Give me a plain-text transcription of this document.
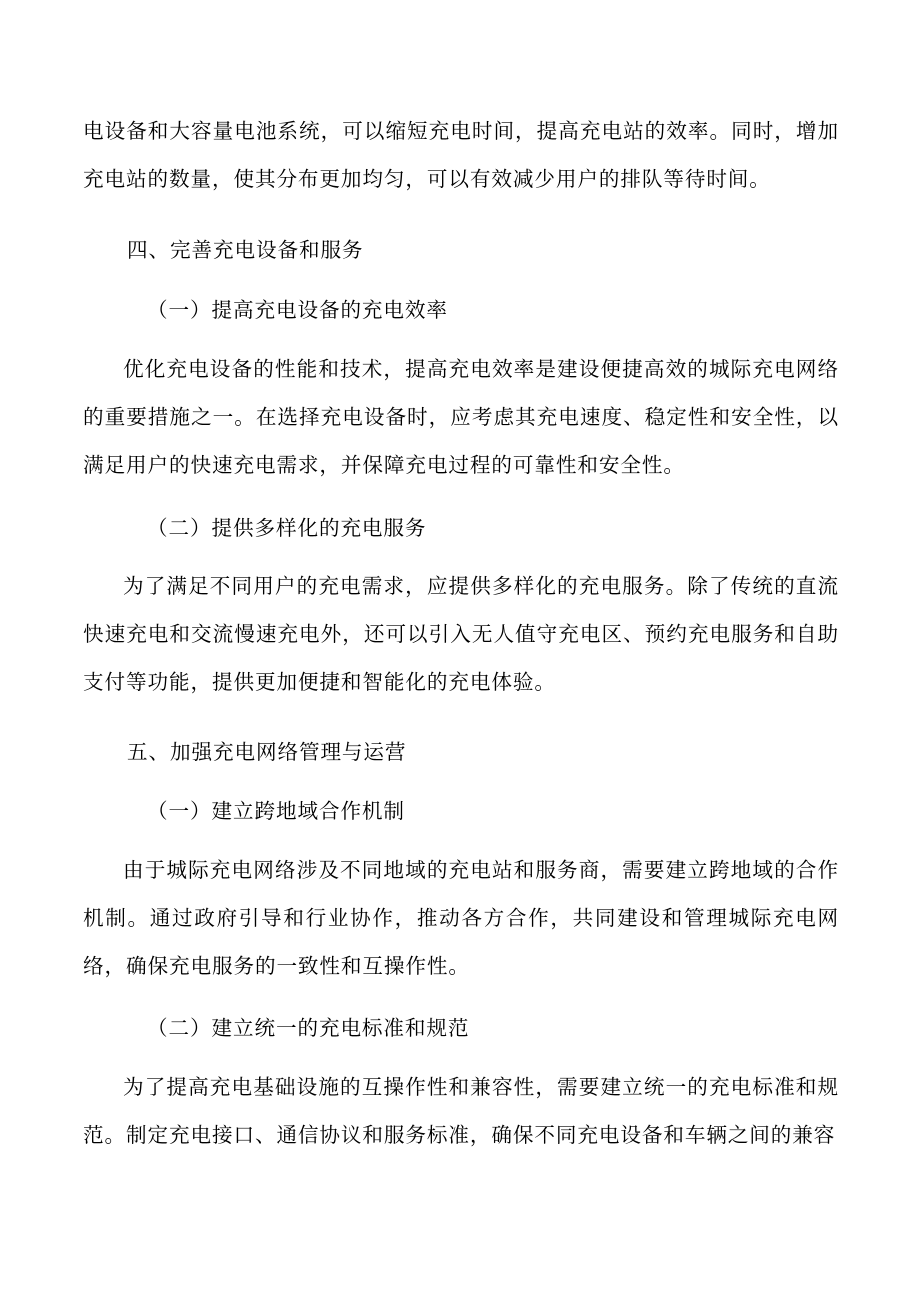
电设备和大容量电池系统，可以缩短充电时间，提高充电站的效率。同时，增加充电站的数量，使其分布更加均匀，可以有效减少用户的排队等待时间。

四、完善充电设备和服务

（一）提高充电设备的充电效率

优化充电设备的性能和技术，提高充电效率是建设便捷高效的城际充电网络的重要措施之一。在选择充电设备时，应考虑其充电速度、稳定性和安全性，以满足用户的快速充电需求，并保障充电过程的可靠性和安全性。

（二）提供多样化的充电服务

为了满足不同用户的充电需求，应提供多样化的充电服务。除了传统的直流快速充电和交流慢速充电外，还可以引入无人值守充电区、预约充电服务和自助支付等功能，提供更加便捷和智能化的充电体验。

五、加强充电网络管理与运营

（一）建立跨地域合作机制

由于城际充电网络涉及不同地域的充电站和服务商，需要建立跨地域的合作机制。通过政府引导和行业协作，推动各方合作，共同建设和管理城际充电网络，确保充电服务的一致性和互操作性。

（二）建立统一的充电标准和规范

为了提高充电基础设施的互操作性和兼容性，需要建立统一的充电标准和规范。制定充电接口、通信协议和服务标准，确保不同充电设备和车辆之间的兼容
